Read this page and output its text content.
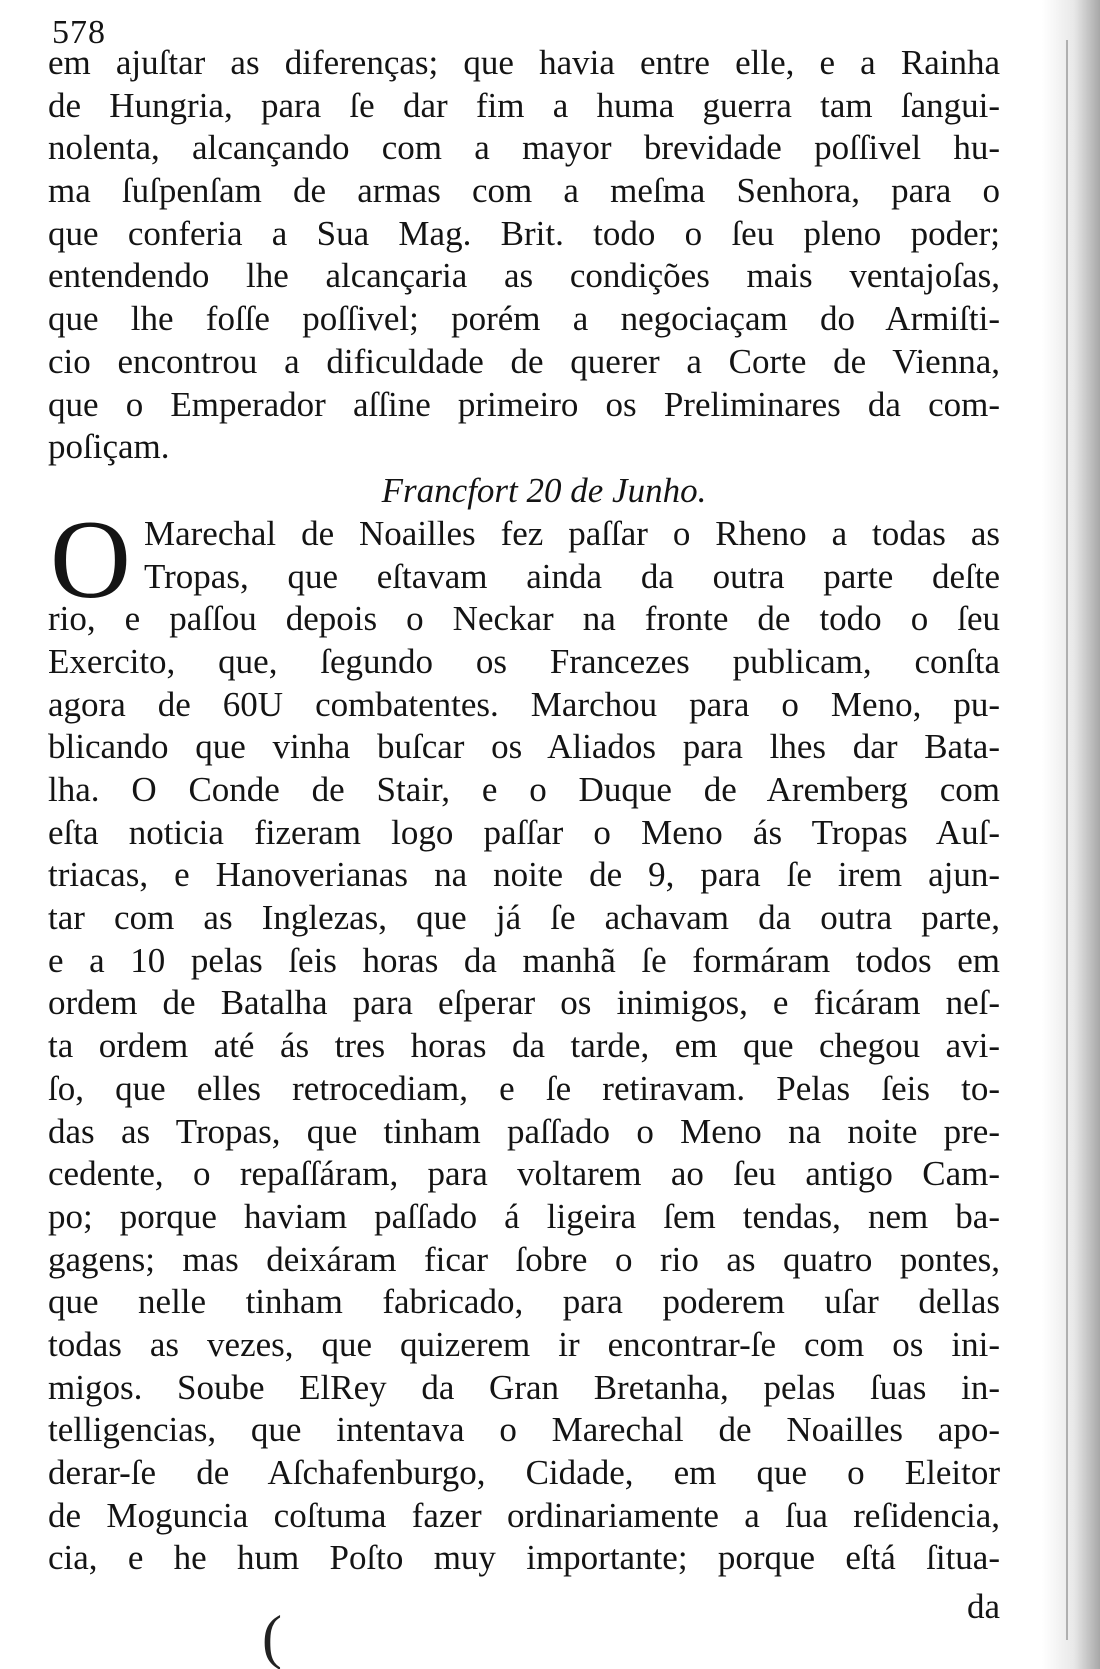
578
em ajuſtar as diferenças; que havia entre elle, e a Rainha
de Hungria, para ſe dar fim a huma guerra tam ſangui-
nolenta, alcançando com a mayor brevidade poſſivel hu-
ma ſuſpenſam de armas com a meſma Senhora, para o
que conferia a Sua Mag. Brit. todo o ſeu pleno poder;
entendendo lhe alcançaria as condições mais ventajoſas,
que lhe foſſe poſſivel; porém a negociaçam do Armiſti-
cio encontrou a dificuldade de querer a Corte de Vienna,
que o Emperador aſſine primeiro os Preliminares da com-
poſiçam.
Francfort 20 de Junho.
O Marechal de Noailles fez paſſar o Rheno a todas as
Tropas, que eſtavam ainda da outra parte deſte
rio, e paſſou depois o Neckar na fronte de todo o ſeu
Exercito, que, ſegundo os Francezes publicam, conſta
agora de 60U combatentes. Marchou para o Meno, pu-
blicando que vinha buſcar os Aliados para lhes dar Bata-
lha. O Conde de Stair, e o Duque de Aremberg com
eſta noticia fizeram logo paſſar o Meno ás Tropas Auſ-
triacas, e Hanoverianas na noite de 9, para ſe irem ajun-
tar com as Inglezas, que já ſe achavam da outra parte,
e a 10 pelas ſeis horas da manhã ſe formáram todos em
ordem de Batalha para eſperar os inimigos, e ficáram neſ-
ta ordem até ás tres horas da tarde, em que chegou avi-
ſo, que elles retrocediam, e ſe retiravam. Pelas ſeis to-
das as Tropas, que tinham paſſado o Meno na noite pre-
cedente, o repaſſáram, para voltarem ao ſeu antigo Cam-
po; porque haviam paſſado á ligeira ſem tendas, nem ba-
gagens; mas deixáram ficar ſobre o rio as quatro pontes,
que nelle tinham fabricado, para poderem uſar dellas
todas as vezes, que quizerem ir encontrar-ſe com os ini-
migos. Soube ElRey da Gran Bretanha, pelas ſuas in-
telligencias, que intentava o Marechal de Noailles apo-
derar-ſe de Aſchafenburgo, Cidade, em que o Eleitor
de Moguncia coſtuma fazer ordinariamente a ſua reſidencia,
cia, e he hum Poſto muy importante; porque eſtá ſitua-
da
(
